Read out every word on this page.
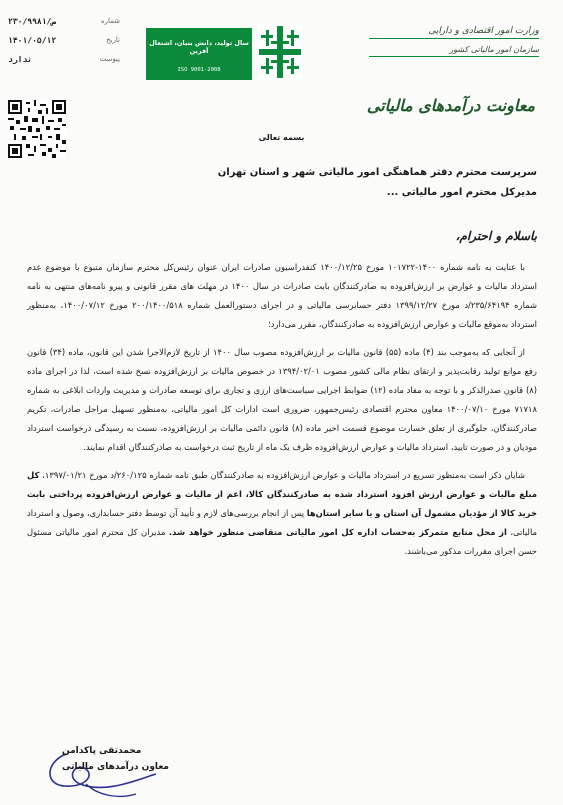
شماره
۲۳۰/۹۹۸۱/ص
تاریخ
۱۴۰۱/۰۵/۱۲
پیوست
ندارد
سال تولید، دانش بنیان، اشتغال آفرین
ISO 9001-2008
وزارت امور اقتصادی و دارایی
سازمان امور مالیاتی کشور
معاونت درآمدهای مالیاتی
بسمه تعالی
سرپرست محترم دفتر هماهنگی امور مالیاتی شهر و استان تهران
مدیرکل محترم امور مالیاتی ...
باسلام و احترام،

با عنایت به نامه شماره ۱۴۰۰-۱۰۱۷۲۲ مورخ ۱۴۰۰/۱۲/۲۵ کنفدراسیون صادرات ایران عنوان رئیس‌کل محترم سازمان متبوع با موضوع عدم استرداد مالیات و عوارض بر ارزش‌افزوده به صادرکنندگان بابت صادرات در سال ۱۴۰۰ در مهلت های مقرر قانونی و پیرو نامه‌های منتهی به نامه شماره ۲۳۵/۶۴۱۹۴/د مورخ ۱۳۹۹/۱۲/۲۷ دفتر حسابرسی مالیاتی و در اجرای دستورالعمل شماره ۲۰۰/۱۴۰۰/۵۱۸ مورخ ۱۴۰۰/۰۷/۱۲، به‌منظور استرداد به‌موقع مالیات و عوارض ارزش‌افزوده به صادرکنندگان، مقرر می‌دارد؛

از آنجایی که به‌موجب بند (۴) ماده (۵۵) قانون مالیات بر ارزش‌افزوده مصوب سال ۱۴۰۰ از تاریخ لازم‌الاجرا شدن این قانون، ماده (۳۴) قانون رفع موانع تولید رقابت‌پذیر و ارتقای نظام مالی کشور مصوب ۱۳۹۴/۰۲/۰۱ در خصوص مالیات بر ارزش‌افزوده نسخ شده است، لذا در اجرای ماده (۸) قانون صدرالذکر و با توجه به مفاد ماده (۱۲) ضوابط اجرایی سیاست‌های ارزی و تجاری برای توسعه صادرات و مدیریت واردات ابلاغی به شماره ۷۱۷۱۸ مورخ ۱۴۰۰/۰۷/۱۰ معاون محترم اقتصادی رئیس‌جمهور، ضروری است ادارات کل امور مالیاتی، به‌منظور تسهیل مراحل صادرات، تکریم صادرکنندگان، جلوگیری از تعلق خسارت موضوع قسمت اخیر ماده (۸) قانون دائمی مالیات بر ارزش‌افزوده، نسبت به رسیدگی درخواست استرداد مودیان و در صورت تایید، استرداد مالیات و عوارض ارزش‌افزوده ظرف یک ماه از تاریخ ثبت درخواست به صادرکنندگان اقدام نمایند.

شایان ذکر است به‌منظور تسریع در استرداد مالیات و عوارض ارزش‌افزوده به صادرکنندگان طبق نامه شماره ۲۶۰/۱۲۵/د مورخ ۱۳۹۷/۰۱/۲۱، کل مبلغ مالیات و عوارض ارزش افزود استرداد شده به صادرکنندگان کالا، اعم از مالیات و عوارض ارزش‌افزوده پرداختی بابت خرید کالا از مؤدیان مشمول آن استان و یا سایر استان‌ها پس از انجام بررسی‌های لازم و تأیید آن توسط دفتر حسابداری، وصول و استرداد مالیاتی، از محل منابع متمرکز به‌حساب اداره کل امور مالیاتی متقاضی منظور خواهد شد. مدیران کل محترم امور مالیاتی مسئول حسن اجرای مقررات مذکور می‌باشند.

محمدتقی پاکدامن
معاون درآمدهای مالیاتی
